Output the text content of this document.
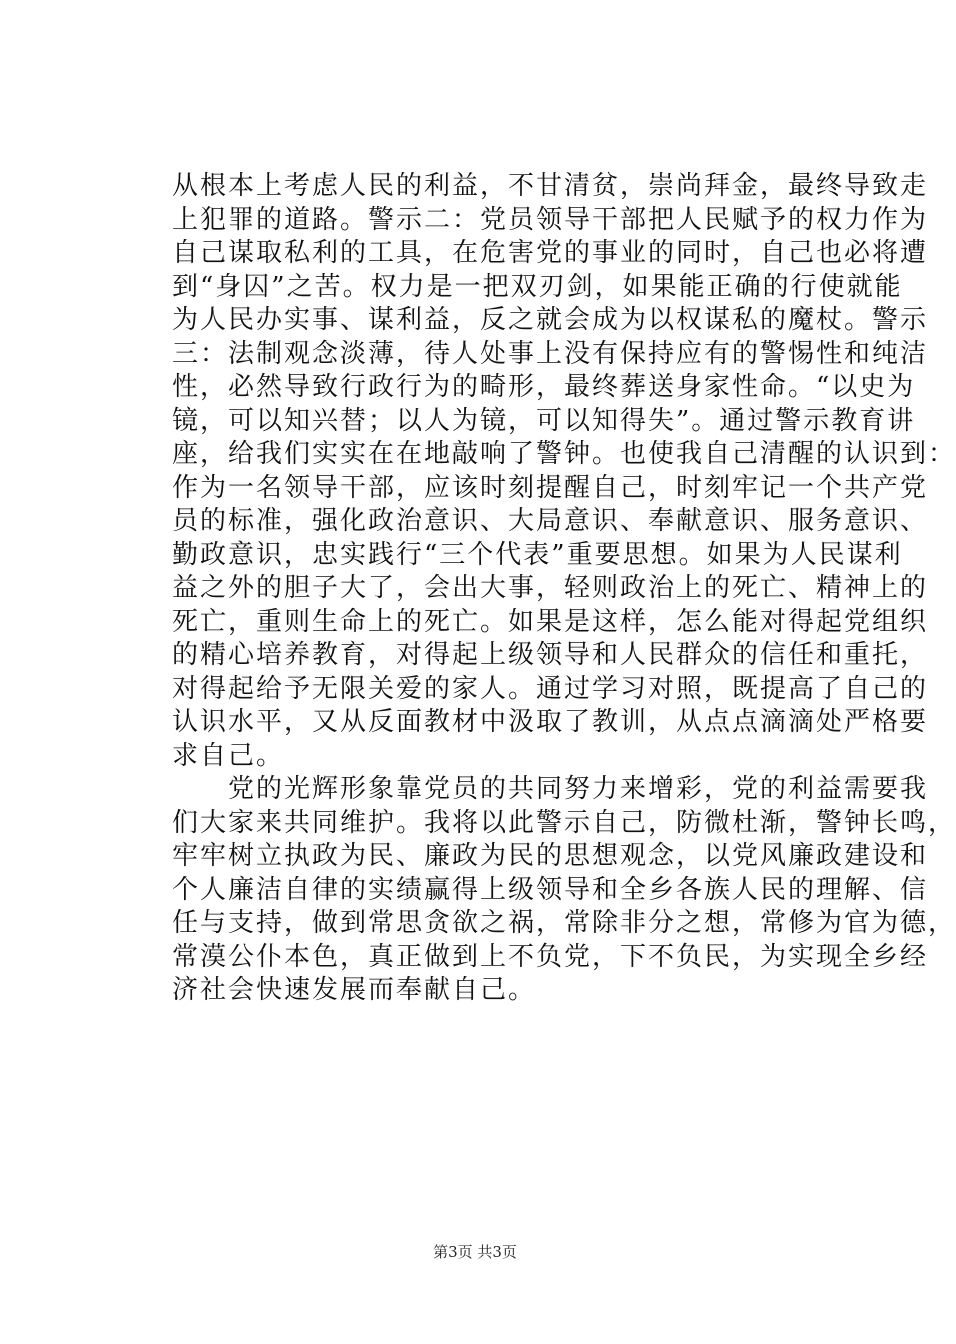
从根本上考虑人民的利益，不甘清贫，崇尚拜金，最终导致走
上犯罪的道路。警示二：党员领导干部把人民赋予的权力作为
自己谋取私利的工具，在危害党的事业的同时，自己也必将遭
到“身囚”之苦。权力是一把双刃剑，如果能正确的行使就能
为人民办实事、谋利益，反之就会成为以权谋私的魔杖。警示
三：法制观念淡薄，待人处事上没有保持应有的警惕性和纯洁
性，必然导致行政行为的畸形，最终葬送身家性命。“以史为
镜，可以知兴替；以人为镜，可以知得失”。通过警示教育讲
座，给我们实实在在地敲响了警钟。也使我自己清醒的认识到：
作为一名领导干部，应该时刻提醒自己，时刻牢记一个共产党
员的标准，强化政治意识、大局意识、奉献意识、服务意识、
勤政意识，忠实践行“三个代表”重要思想。如果为人民谋利
益之外的胆子大了，会出大事，轻则政治上的死亡、精神上的
死亡，重则生命上的死亡。如果是这样，怎么能对得起党组织
的精心培养教育，对得起上级领导和人民群众的信任和重托，
对得起给予无限关爱的家人。通过学习对照，既提高了自己的
认识水平，又从反面教材中汲取了教训，从点点滴滴处严格要
求自己。
　　党的光辉形象靠党员的共同努力来增彩，党的利益需要我
们大家来共同维护。我将以此警示自己，防微杜渐，警钟长鸣，
牢牢树立执政为民、廉政为民的思想观念，以党风廉政建设和
个人廉洁自律的实绩赢得上级领导和全乡各族人民的理解、信
任与支持，做到常思贪欲之祸，常除非分之想，常修为官为德，
常漠公仆本色，真正做到上不负党，下不负民，为实现全乡经
济社会快速发展而奉献自己。
第3页 共3页
